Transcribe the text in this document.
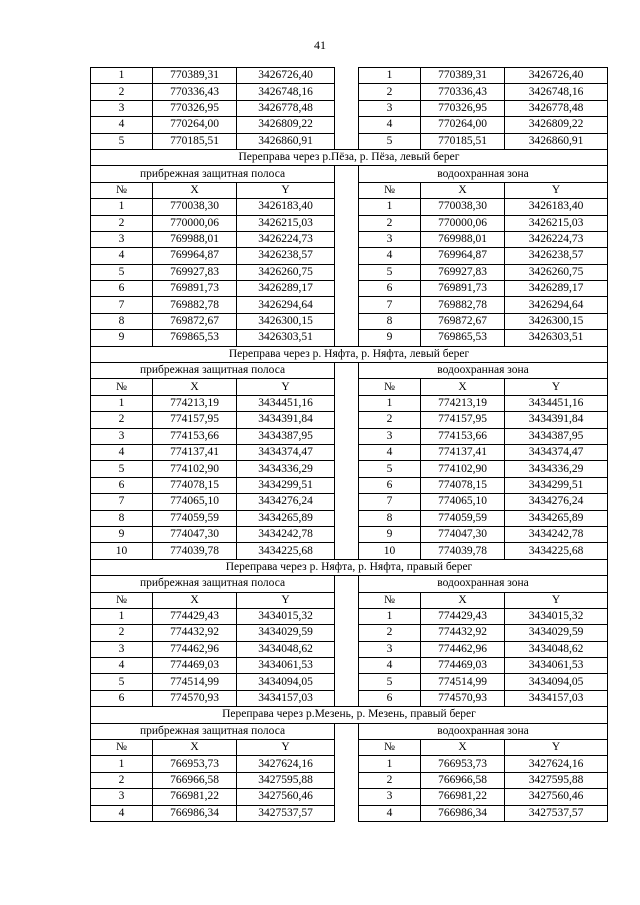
41
1	770389,31	3426726,40		1	770389,31	3426726,40
2	770336,43	3426748,16		2	770336,43	3426748,16
3	770326,95	3426778,48		3	770326,95	3426778,48
4	770264,00	3426809,22		4	770264,00	3426809,22
5	770185,51	3426860,91		5	770185,51	3426860,91
Переправа через р.Пёза, р. Пёза, левый берег						
прибрежная защитная полоса				водоохранная зона		
№	X	Y		№	X	Y
1	770038,30	3426183,40		1	770038,30	3426183,40
2	770000,06	3426215,03		2	770000,06	3426215,03
3	769988,01	3426224,73		3	769988,01	3426224,73
4	769964,87	3426238,57		4	769964,87	3426238,57
5	769927,83	3426260,75		5	769927,83	3426260,75
6	769891,73	3426289,17		6	769891,73	3426289,17
7	769882,78	3426294,64		7	769882,78	3426294,64
8	769872,67	3426300,15		8	769872,67	3426300,15
9	769865,53	3426303,51		9	769865,53	3426303,51
Переправа через р. Няфта, р. Няфта, левый берег						
прибрежная защитная полоса				водоохранная зона		
№	X	Y		№	X	Y
1	774213,19	3434451,16		1	774213,19	3434451,16
2	774157,95	3434391,84		2	774157,95	3434391,84
3	774153,66	3434387,95		3	774153,66	3434387,95
4	774137,41	3434374,47		4	774137,41	3434374,47
5	774102,90	3434336,29		5	774102,90	3434336,29
6	774078,15	3434299,51		6	774078,15	3434299,51
7	774065,10	3434276,24		7	774065,10	3434276,24
8	774059,59	3434265,89		8	774059,59	3434265,89
9	774047,30	3434242,78		9	774047,30	3434242,78
10	774039,78	3434225,68		10	774039,78	3434225,68
Переправа через р. Няфта, р. Няфта, правый берег						
прибрежная защитная полоса				водоохранная зона		
№	X	Y		№	X	Y
1	774429,43	3434015,32		1	774429,43	3434015,32
2	774432,92	3434029,59		2	774432,92	3434029,59
3	774462,96	3434048,62		3	774462,96	3434048,62
4	774469,03	3434061,53		4	774469,03	3434061,53
5	774514,99	3434094,05		5	774514,99	3434094,05
6	774570,93	3434157,03		6	774570,93	3434157,03
Переправа через р.Мезень, р. Мезень, правый берег						
прибрежная защитная полоса				водоохранная зона		
№	X	Y		№	X	Y
1	766953,73	3427624,16		1	766953,73	3427624,16
2	766966,58	3427595,88		2	766966,58	3427595,88
3	766981,22	3427560,46		3	766981,22	3427560,46
4	766986,34	3427537,57		4	766986,34	3427537,57
